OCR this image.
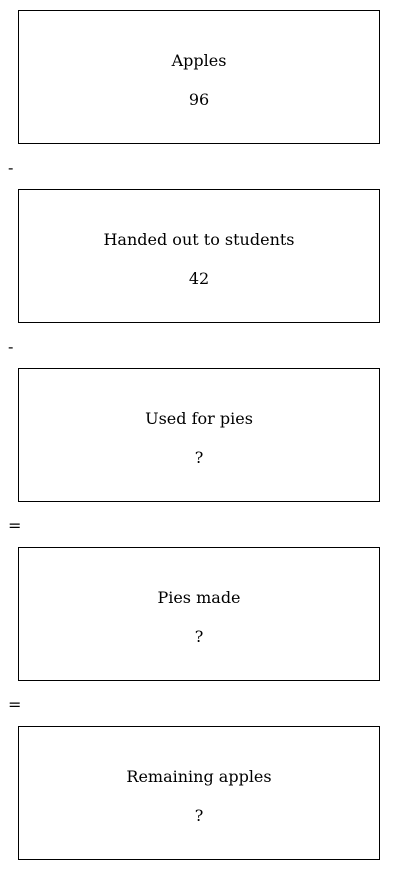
Apples
96
-
Handed out to students
42
-
Used for pies
?
=
Pies made
?
=
Remaining apples
?
